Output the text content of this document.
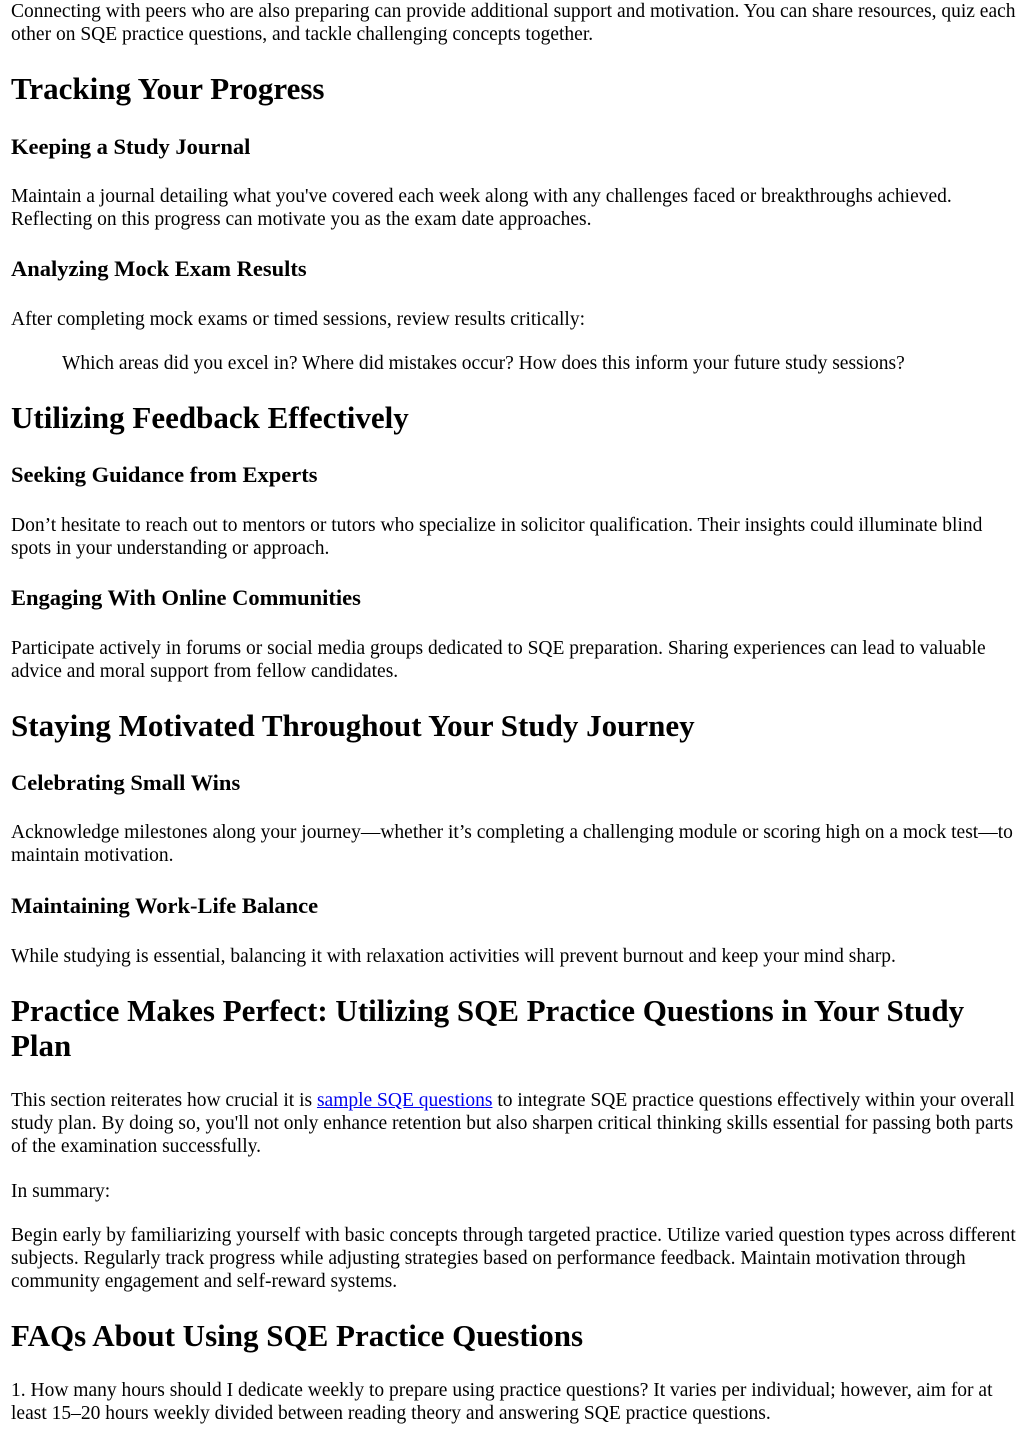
Connecting with peers who are also preparing can provide additional support and motivation. You can share resources, quiz each other on SQE practice questions, and tackle challenging concepts together.

Tracking Your Progress
Keeping a Study Journal

Maintain a journal detailing what you've covered each week along with any challenges faced or breakthroughs achieved. Reflecting on this progress can motivate you as the exam date approaches.

Analyzing Mock Exam Results

After completing mock exams or timed sessions, review results critically:

Which areas did you excel in? Where did mistakes occur? How does this inform your future study sessions?

Utilizing Feedback Effectively
Seeking Guidance from Experts

Don’t hesitate to reach out to mentors or tutors who specialize in solicitor qualification. Their insights could illuminate blind spots in your understanding or approach.

Engaging With Online Communities

Participate actively in forums or social media groups dedicated to SQE preparation. Sharing experiences can lead to valuable advice and moral support from fellow candidates.

Staying Motivated Throughout Your Study Journey
Celebrating Small Wins

Acknowledge milestones along your journey—whether it’s completing a challenging module or scoring high on a mock test—to maintain motivation.

Maintaining Work-Life Balance

While studying is essential, balancing it with relaxation activities will prevent burnout and keep your mind sharp.

Practice Makes Perfect: Utilizing SQE Practice Questions in Your Study Plan

This section reiterates how crucial it is sample SQE questions to integrate SQE practice questions effectively within your overall study plan. By doing so, you'll not only enhance retention but also sharpen critical thinking skills essential for passing both parts of the examination successfully.

In summary:

Begin early by familiarizing yourself with basic concepts through targeted practice. Utilize varied question types across different subjects. Regularly track progress while adjusting strategies based on performance feedback. Maintain motivation through community engagement and self-reward systems.

FAQs About Using SQE Practice Questions

1. How many hours should I dedicate weekly to prepare using practice questions? It varies per individual; however, aim for at least 15–20 hours weekly divided between reading theory and answering SQE practice questions.
